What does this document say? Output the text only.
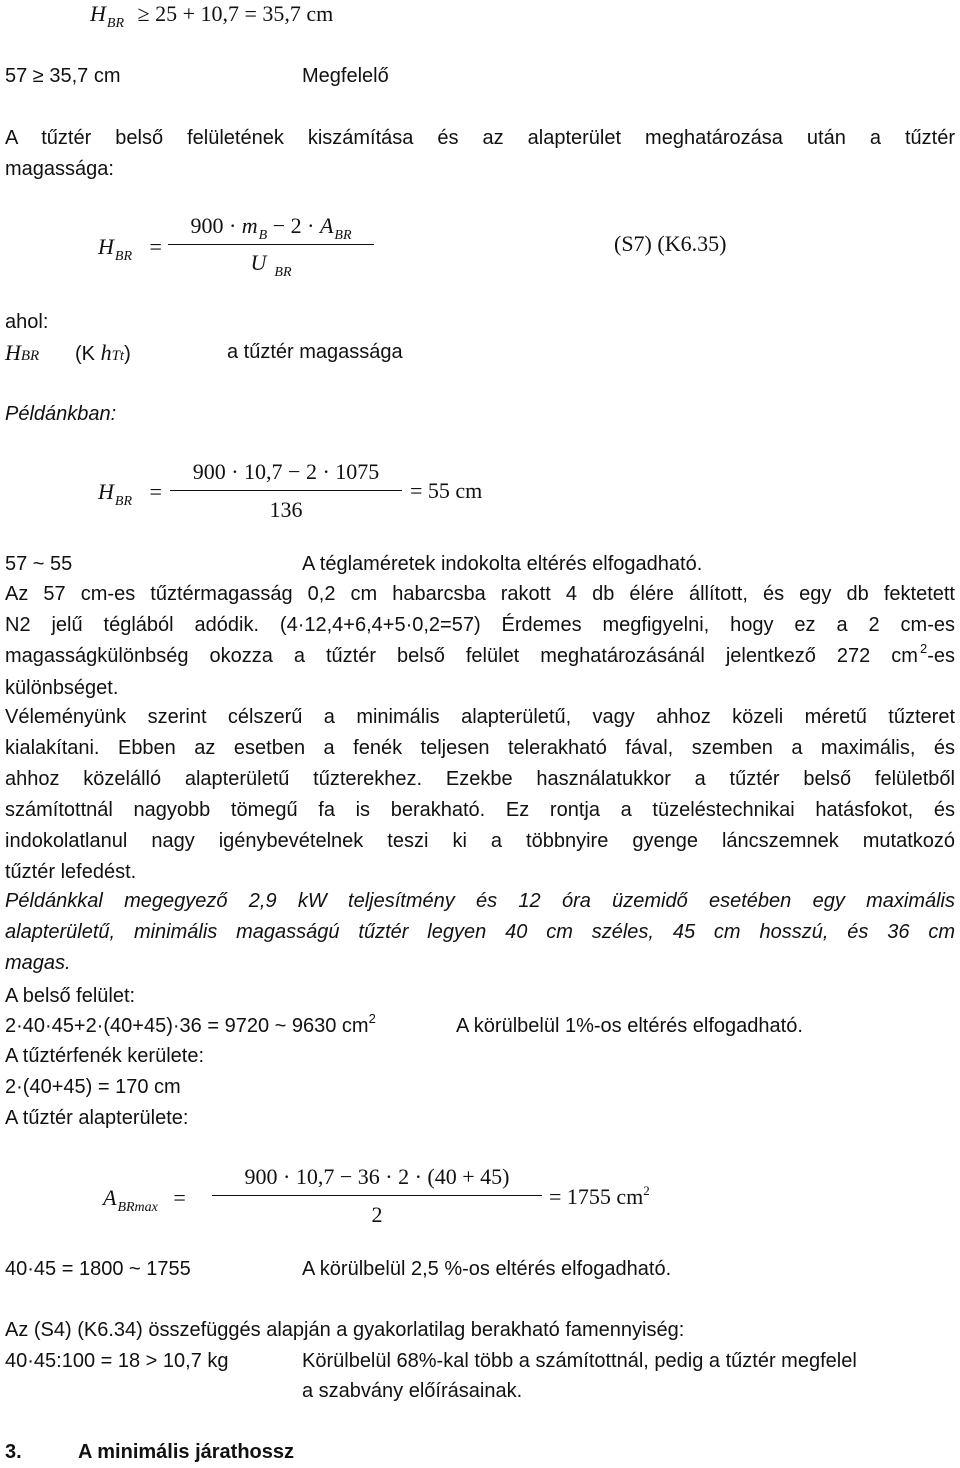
$H_{BR} \ge 25 + 10,7 = 35,7$ cm
57 ≥ 35,7 cm	Megfelelő
A tűztér belső felületének kiszámítása és az alapterület meghatározása után a tűztér
magassága:
$H_{BR}$ =
$900 \cdot m_B - 2 \cdot A_{BR}$
U $_{BR}$
(S7) (K6.35)
ahol:
HBR (K hTt)	a tűztér magassága
Példánkban:
$H_{BR}$ =
900 · 10,7 − 2 · 1075
136
= 55 cm
57 ~ 55	A téglaméretek indokolta eltérés elfogadható.
Az 57 cm-es tűztérmagasság 0,2 cm habarcsba rakott 4 db élére állított, és egy db fektetett
N2 jelű téglából adódik. (4·12,4+6,4+5·0,2=57) Érdemes megfigyelni, hogy ez a 2 cm-es
magasságkülönbség okozza a tűztér belső felület meghatározásánál jelentkező 272 cm $^2$-es
különbséget.
Véleményünk szerint célszerű a minimális alapterületű, vagy ahhoz közeli méretű tűzteret
kialakítani. Ebben az esetben a fenék teljesen telerakható fával, szemben a maximális, és
ahhoz közelálló alapterületű tűzterekhez. Ezekbe használatukkor a tűztér belső felületből
számítottnál nagyobb tömegű fa is berakható. Ez rontja a tüzeléstechnikai hatásfokot, és
indokolatlanul nagy igénybevételnek teszi ki a többnyire gyenge láncszemnek mutatkozó
tűztér lefedést.
Példánkkal megegyező 2,9 kW teljesítmény és 12 óra üzemidő esetében egy maximális
alapterületű, minimális magasságú tűztér legyen 40 cm széles, 45 cm hosszú, és 36 cm
magas.
A belső felület:
2·40·45+2·(40+45)·36 = 9720 ~ 9630 $cm^2$	A körülbelül 1%-os eltérés elfogadható.
A tűztérfenék kerülete:
2·(40+45) = 170 cm
A tűztér alapterülete:
$A_{BRmax}$ =
900 · 10,7 − 36 · 2 · (40 + 45)
2
= 1755 $cm^2$
40·45 = 1800 ~ 1755	A körülbelül 2,5 %-os eltérés elfogadható.
Az (S4) (K6.34) összefüggés alapján a gyakorlatilag berakható famennyiség:
40·45:100 = 18 > 10,7 kg	Körülbelül 68%-kal több a számítottnál, pedig a tűztér megfelel
a szabvány előírásainak.
3.	A minimális járathossz
